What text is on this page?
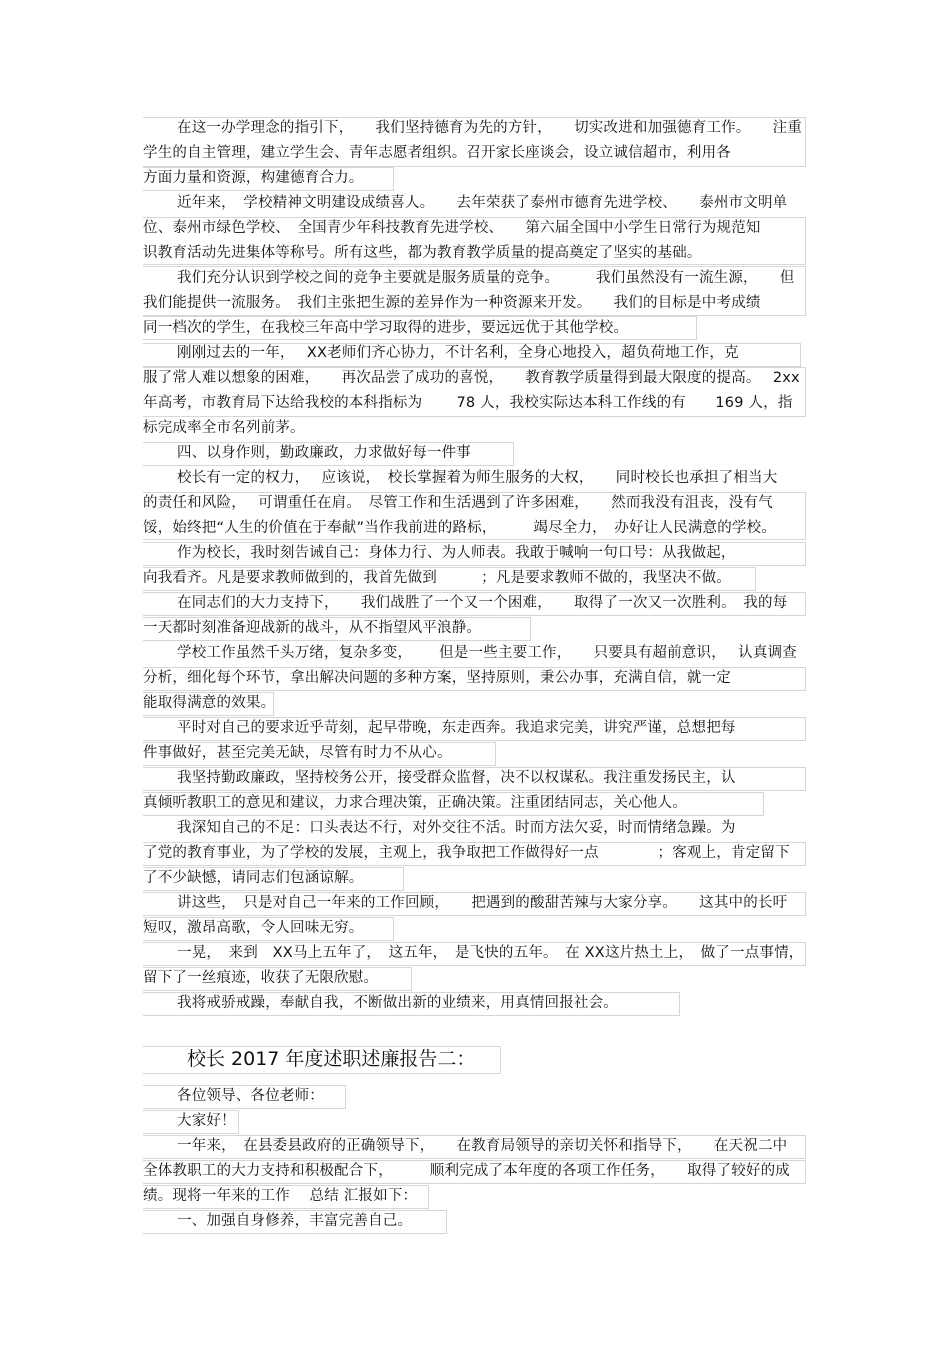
在这一办学理念的指引下，　　我们坚持德育为先的方针，　　切实改进和加强德育工作。　　注重
学生的自主管理，建立学生会、青年志愿者组织。召开家长座谈会，设立诚信超市，利用各
方面力量和资源，构建德育合力。
近年来，　学校精神文明建设成绩喜人。　　去年荣获了泰州市德育先进学校、　　泰州市文明单
位、泰州市绿色学校、　全国青少年科技教育先进学校、　　第六届全国中小学生日常行为规范知
识教育活动先进集体等称号。所有这些，都为教育教学质量的提高奠定了坚实的基础。
我们充分认识到学校之间的竞争主要就是服务质量的竞争。　　　我们虽然没有一流生源，　　但
我们能提供一流服务。　我们主张把生源的差异作为一种资源来开发。　　我们的目标是中考成绩
同一档次的学生，在我校三年高中学习取得的进步，要远远优于其他学校。
刚刚过去的一年，　 XX老师们齐心协力，不计名利，全身心地投入，超负荷地工作，克
服了常人难以想象的困难，　　再次品尝了成功的喜悦，　　教育教学质量得到最大限度的提高。　 2xx
年高考，市教育局下达给我校的本科指标为　　 78 人，我校实际达本科工作线的有　　169 人，指
标完成率全市名列前茅。
四、以身作则，勤政廉政，力求做好每一件事
校长有一定的权力，　 应该说，　校长掌握着为师生服务的大权，　　同时校长也承担了相当大
的责任和风险，　 可谓重任在肩。　尽管工作和生活遇到了许多困难，　　然而我没有沮丧，没有气
馁，始终把“人生的价值在于奉献”当作我前进的路标，　　　竭尽全力，　办好让人民满意的学校。
作为校长，我时刻告诫自己：身体力行、为人师表。我敢于喊响一句口号：从我做起，
向我看齐。凡是要求教师做到的，我首先做到　　　；凡是要求教师不做的，我坚决不做。
在同志们的大力支持下，　　我们战胜了一个又一个困难，　　取得了一次又一次胜利。　我的每
一天都时刻准备迎战新的战斗，从不指望风平浪静。
学校工作虽然千头万绪，复杂多变，　　 但是一些主要工作，　　只要具有超前意识，　 认真调查
分析，细化每个环节，拿出解决问题的多种方案，坚持原则，秉公办事，充满自信，就一定
能取得满意的效果。
平时对自己的要求近乎苛刻，起早带晚，东走西奔。我追求完美，讲究严谨，总想把每
件事做好，甚至完美无缺，尽管有时力不从心。
我坚持勤政廉政，坚持校务公开，接受群众监督，决不以权谋私。我注重发扬民主，认
真倾听教职工的意见和建议，力求合理决策，正确决策。注重团结同志，关心他人。
我深知自己的不足：口头表达不行，对外交往不活。时而方法欠妥，时而情绪急躁。为
了党的教育事业，为了学校的发展，主观上，我争取把工作做得好一点　　　　；客观上，肯定留下
了不少缺憾，请同志们包涵谅解。
讲这些，　只是对自己一年来的工作回顾，　　把遇到的酸甜苦辣与大家分享。　　这其中的长吁
短叹，激昂高歌，令人回味无穷。
一晃，　来到　XX马上五年了，　这五年，　是飞快的五年。　在 XX这片热土上，　做了一点事情，
留下了一丝痕迹，收获了无限欣慰。
我将戒骄戒躁，奉献自我，不断做出新的业绩来，用真情回报社会。
校长 2017 年度述职述廉报告二：
各位领导、各位老师：
大家好！
一年来，　在县委县政府的正确领导下，　　在教育局领导的亲切关怀和指导下，　　在天祝二中
全体教职工的大力支持和积极配合下，　　　顺利完成了本年度的各项工作任务，　　取得了较好的成
绩。现将一年来的工作　 总结 汇报如下：
一、加强自身修养，丰富完善自己。
